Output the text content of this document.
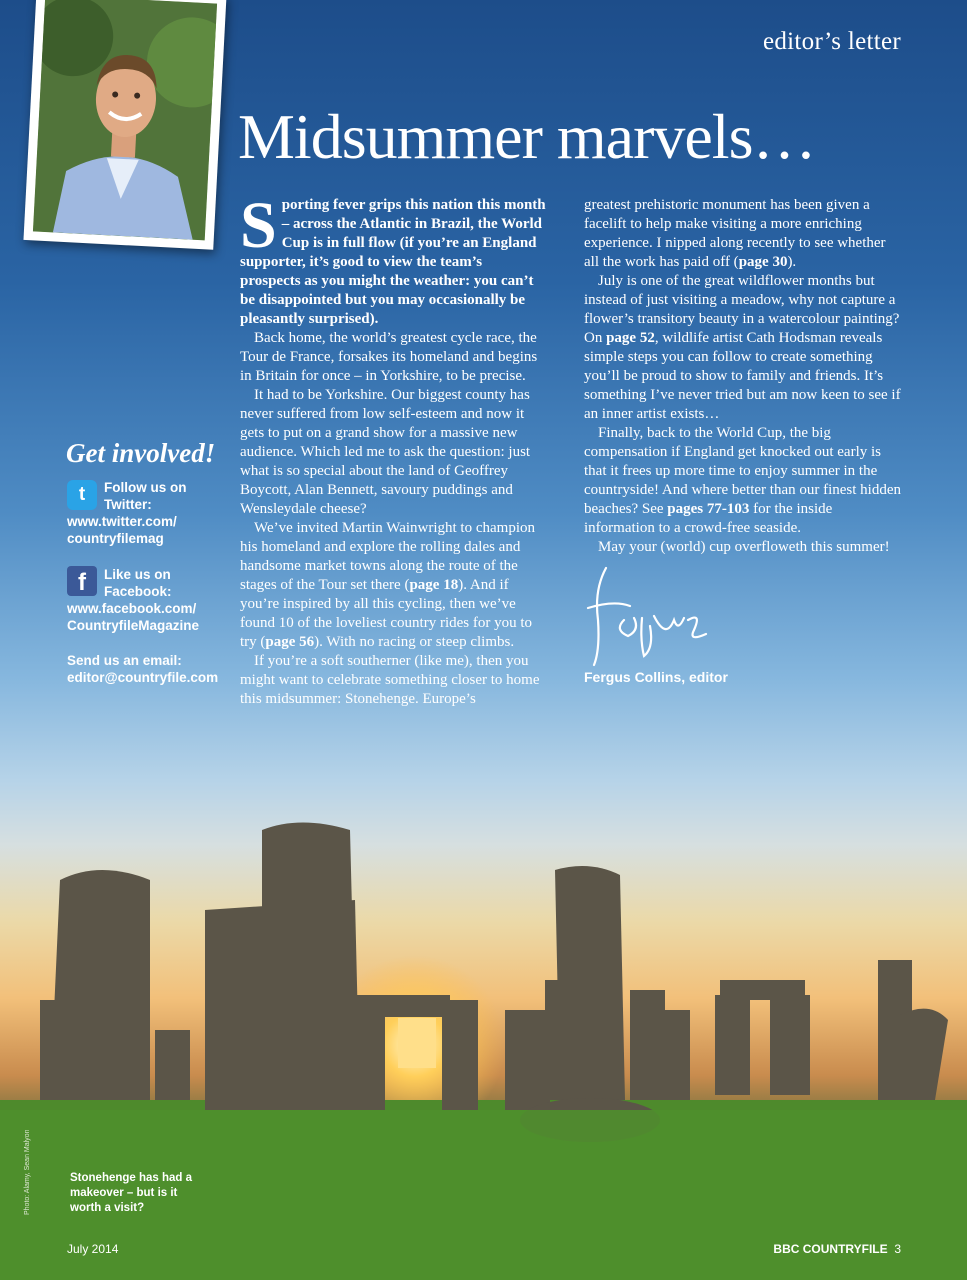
editor’s letter
Midsummer marvels…

Sporting fever grips this nation this month – across the Atlantic in Brazil, the World Cup is in full flow (if you’re an England supporter, it’s good to view the team’s prospects as you might the weather: you can’t be disappointed but you may occasionally be pleasantly surprised).

Back home, the world’s greatest cycle race, the Tour de France, forsakes its homeland and begins in Britain for once – in Yorkshire, to be precise.

It had to be Yorkshire. Our biggest county has never suffered from low self-esteem and now it gets to put on a grand show for a massive new audience. Which led me to ask the question: just what is so special about the land of Geoffrey Boycott, Alan Bennett, savoury puddings and Wensleydale cheese?

We’ve invited Martin Wainwright to champion his homeland and explore the rolling dales and handsome market towns along the route of the stages of the Tour set there (page 18). And if you’re inspired by all this cycling, then we’ve found 10 of the loveliest country rides for you to try (page 56). With no racing or steep climbs.

If you’re a soft southerner (like me), then you might want to celebrate something closer to home this midsummer: Stonehenge. Europe’s

greatest prehistoric monument has been given a facelift to help make visiting a more enriching experience. I nipped along recently to see whether all the work has paid off (page 30).

July is one of the great wildflower months but instead of just visiting a meadow, why not capture a flower’s transitory beauty in a watercolour painting? On page 52, wildlife artist Cath Hodsman reveals simple steps you can follow to create something you’ll be proud to show to family and friends. It’s something I’ve never tried but am now keen to see if an inner artist exists…

Finally, back to the World Cup, the big compensation if England get knocked out early is that it frees up more time to enjoy summer in the countryside! And where better than our finest hidden beaches? See pages 77-103 for the inside information to a crowd-free seaside.

May your (world) cup overfloweth this summer!

Fergus Collins, editor
Get involved!
t	Follow us on Twitter:
www.twitter.com/ countryfilemag
f	Like us on Facebook:
www.facebook.com/ CountryfileMagazine
Send us an email:
editor@countryfile.com
Stonehenge has had a makeover – but is it worth a visit?
Photo: Alamy, Sean Malyon
July 2014	BBC COUNTRYFILE 3
